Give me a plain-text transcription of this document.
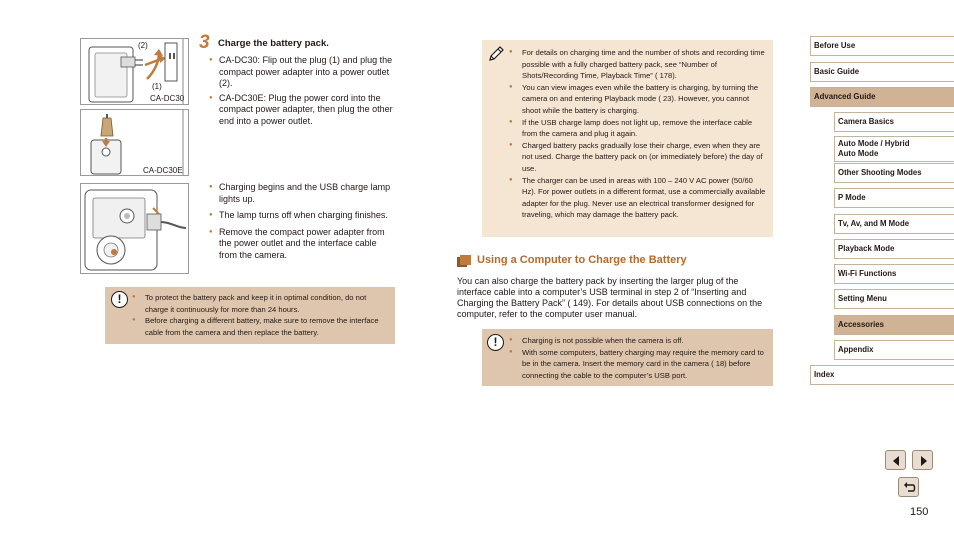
(2)
(1)
CA-DC30
CA-DC30E
3 Charge the battery pack.
● CA-DC30: Flip out the plug (1) and plug the compact power adapter into a power outlet (2).
● CA-DC30E: Plug the power cord into the compact power adapter, then plug the other end into a power outlet.
● Charging begins and the USB charge lamp lights up.
● The lamp turns off when charging finishes.
● Remove the compact power adapter from the power outlet and the interface cable from the camera.
!	● To protect the battery pack and keep it in optimal condition, do not charge it continuously for more than 24 hours.
● Before charging a different battery, make sure to remove the interface cable from the camera and then replace the battery.
● For details on charging time and the number of shots and recording time possible with a fully charged battery pack, see “Number of Shots/Recording Time, Playback Time” ( 178).
● You can view images even while the battery is charging, by turning the camera on and entering Playback mode ( 23). However, you cannot shoot while the battery is charging.
● If the USB charge lamp does not light up, remove the interface cable from the camera and plug it again.
● Charged battery packs gradually lose their charge, even when they are not used. Charge the battery pack on (or immediately before) the day of use.
● The charger can be used in areas with 100 – 240 V AC power (50/60 Hz). For power outlets in a different format, use a commercially available adapter for the plug. Never use an electrical transformer designed for traveling, which may damage the battery pack.
Using a Computer to Charge the Battery

You can also charge the battery pack by inserting the larger plug of the interface cable into a computer’s USB terminal in step 2 of “Inserting and Charging the Battery Pack” ( 149). For details about USB connections on the computer, refer to the computer user manual.

!	● Charging is not possible when the camera is off.
● With some computers, battery charging may require the memory card to be in the camera. Insert the memory card in the camera ( 18) before connecting the cable to the computer’s USB port.
Before Use
Basic Guide
Advanced Guide
Camera Basics
Auto Mode / Hybrid Auto Mode
Other Shooting Modes
P Mode
Tv, Av, and M Mode
Playback Mode
Wi-Fi Functions
Setting Menu
Accessories
Appendix
Index
150
